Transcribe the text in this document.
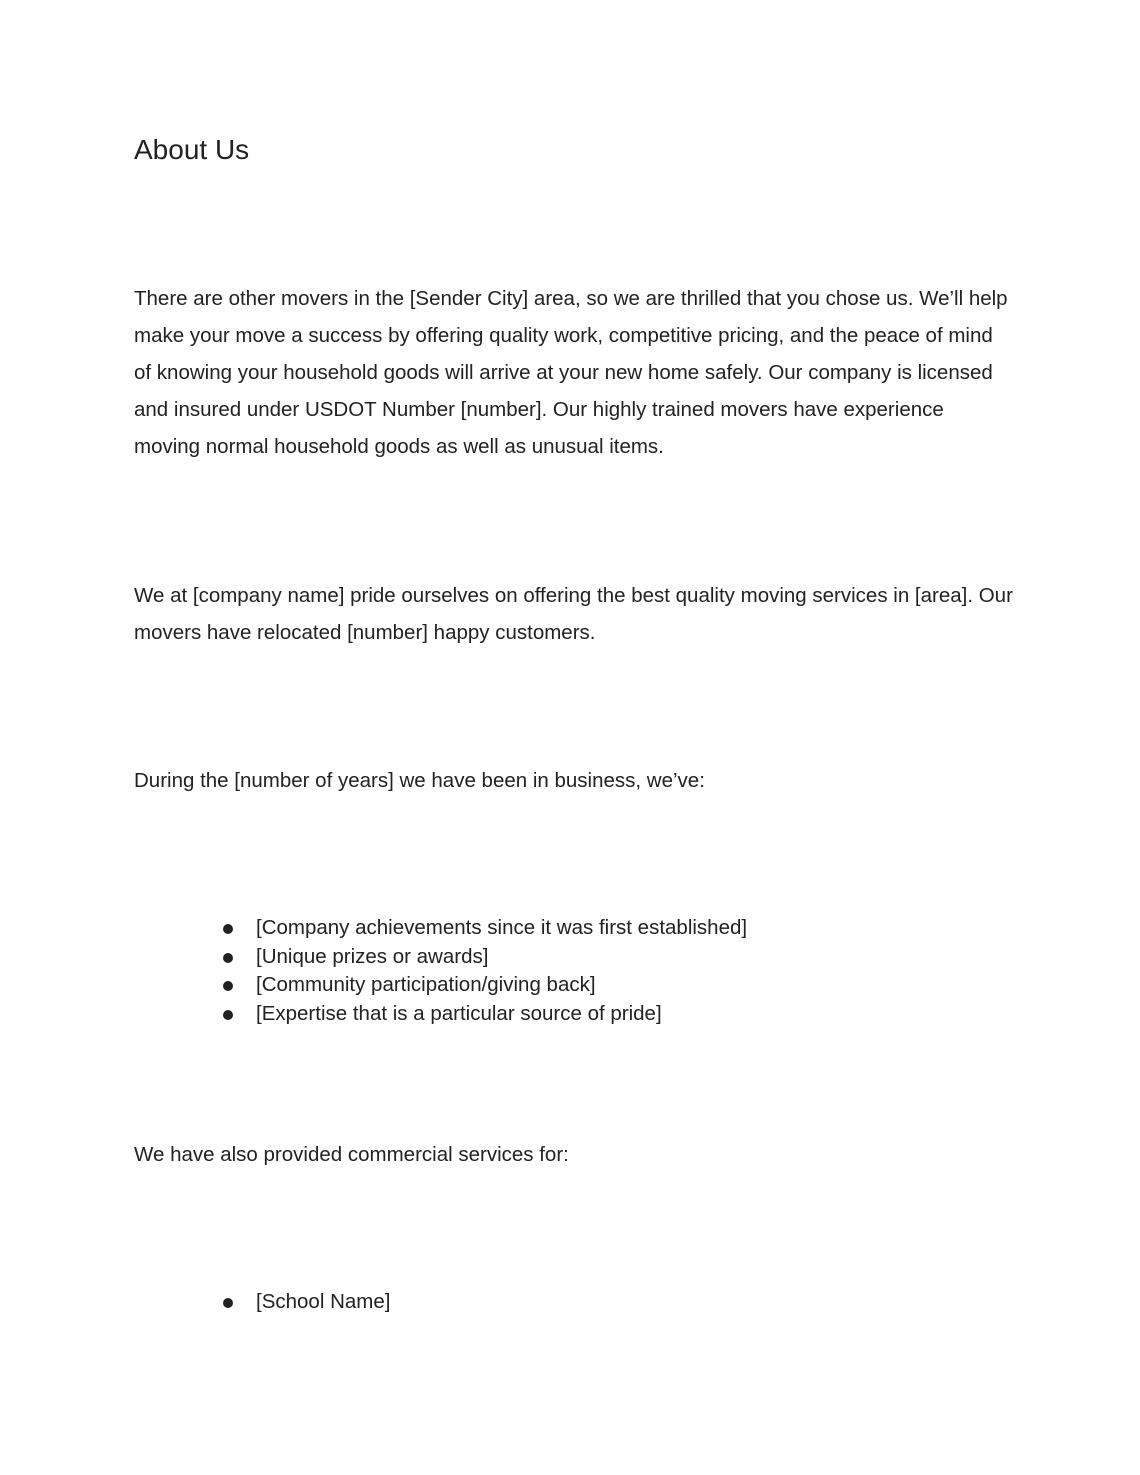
About Us

There are other movers in the [Sender City] area, so we are thrilled that you chose us. We’ll help make your move a success by offering quality work, competitive pricing, and the peace of mind of knowing your household goods will arrive at your new home safely. Our company is licensed and insured under USDOT Number [number]. Our highly trained movers have experience moving normal household goods as well as unusual items.

We at [company name] pride ourselves on offering the best quality moving services in [area]. Our movers have relocated [number] happy customers.

During the [number of years] we have been in business, we’ve:

[Company achievements since it was first established]
[Unique prizes or awards]
[Community participation/giving back]
[Expertise that is a particular source of pride]

We have also provided commercial services for:

[School Name]
